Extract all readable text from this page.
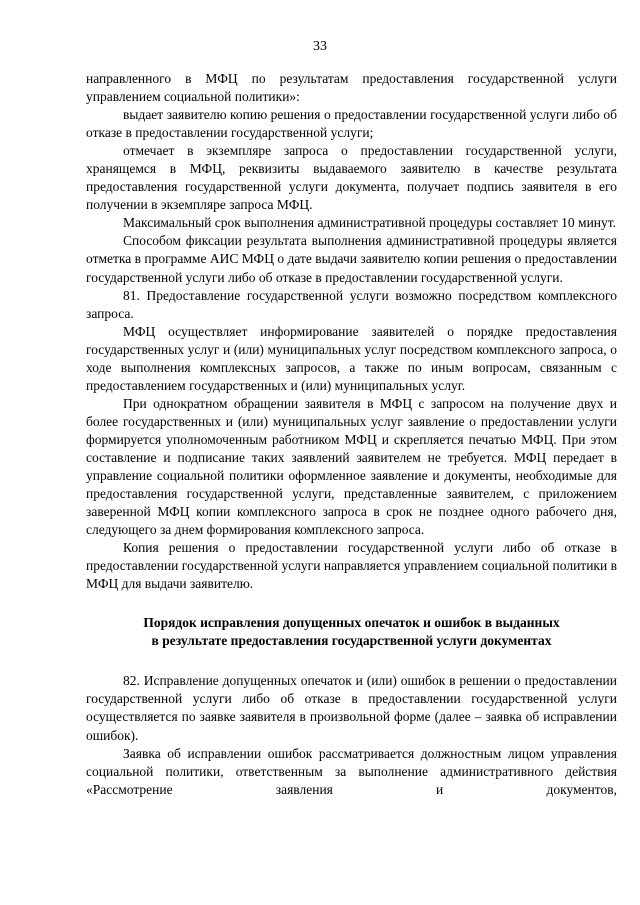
33

направленного в МФЦ по результатам предоставления государственной услуги управлением социальной политики»:

выдает заявителю копию решения о предоставлении государственной услуги либо об отказе в предоставлении государственной услуги;

отмечает в экземпляре запроса о предоставлении государственной услуги, хранящемся в МФЦ, реквизиты выдаваемого заявителю в качестве результата предоставления государственной услуги документа, получает подпись заявителя в его получении в экземпляре запроса МФЦ.

Максимальный срок выполнения административной процедуры составляет 10 минут.

Способом фиксации результата выполнения административной процедуры является отметка в программе АИС МФЦ о дате выдачи заявителю копии решения о предоставлении государственной услуги либо об отказе в предоставлении государственной услуги.

81. Предоставление государственной услуги возможно посредством комплексного запроса.

МФЦ осуществляет информирование заявителей о порядке предоставления государственных услуг и (или) муниципальных услуг посредством комплексного запроса, о ходе выполнения комплексных запросов, а также по иным вопросам, связанным с предоставлением государственных и (или) муниципальных услуг.

При однократном обращении заявителя в МФЦ с запросом на получение двух и более государственных и (или) муниципальных услуг заявление о предоставлении услуги формируется уполномоченным работником МФЦ и скрепляется печатью МФЦ. При этом составление и подписание таких заявлений заявителем не требуется. МФЦ передает в управление социальной политики оформленное заявление и документы, необходимые для предоставления государственной услуги, представленные заявителем, с приложением заверенной МФЦ копии комплексного запроса в срок не позднее одного рабочего дня, следующего за днем формирования комплексного запроса.

Копия решения о предоставлении государственной услуги либо об отказе в предоставлении государственной услуги направляется управлением социальной политики в МФЦ для выдачи заявителю.

Порядок исправления допущенных опечаток и ошибок в выданных
в результате предоставления государственной услуги документах

82. Исправление допущенных опечаток и (или) ошибок в решении о предоставлении государственной услуги либо об отказе в предоставлении государственной услуги осуществляется по заявке заявителя в произвольной форме (далее – заявка об исправлении ошибок).

Заявка об исправлении ошибок рассматривается должностным лицом управления социальной политики, ответственным за выполнение административного действия «Рассмотрение заявления и документов,
